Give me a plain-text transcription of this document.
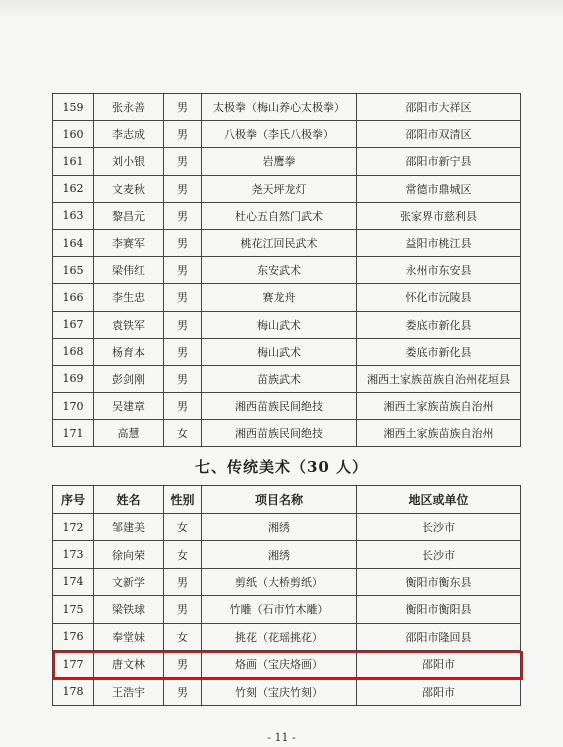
159	张永善	男	太极拳（梅山养心太极拳）	邵阳市大祥区
160	李志成	男	八极拳（李氏八极拳）	邵阳市双清区
161	刘小银	男	岩鹰拳	邵阳市新宁县
162	文麦秋	男	尧天坪龙灯	常德市鼎城区
163	黎昌元	男	杜心五自然门武术	张家界市慈利县
164	李赛军	男	桃花江回民武术	益阳市桃江县
165	梁伟红	男	东安武术	永州市东安县
166	李生忠	男	赛龙舟	怀化市沅陵县
167	袁铁军	男	梅山武术	娄底市新化县
168	杨育本	男	梅山武术	娄底市新化县
169	彭剑刚	男	苗族武术	湘西土家族苗族自治州花垣县
170	吴建章	男	湘西苗族民间绝技	湘西土家族苗族自治州
171	高慧	女	湘西苗族民间绝技	湘西土家族苗族自治州
七、传统美术（30 人）
序号	姓名	性别	项目名称	地区或单位
172	邹建美	女	湘绣	长沙市
173	徐向荣	女	湘绣	长沙市
174	文新学	男	剪纸（大桥剪纸）	衡阳市衡东县
175	梁铁球	男	竹雕（石市竹木雕）	衡阳市衡阳县
176	奉堂妹	女	挑花（花瑶挑花）	邵阳市隆回县
177	唐文林	男	烙画（宝庆烙画）	邵阳市
178	王浩宇	男	竹刻（宝庆竹刻）	邵阳市
- 11 -
